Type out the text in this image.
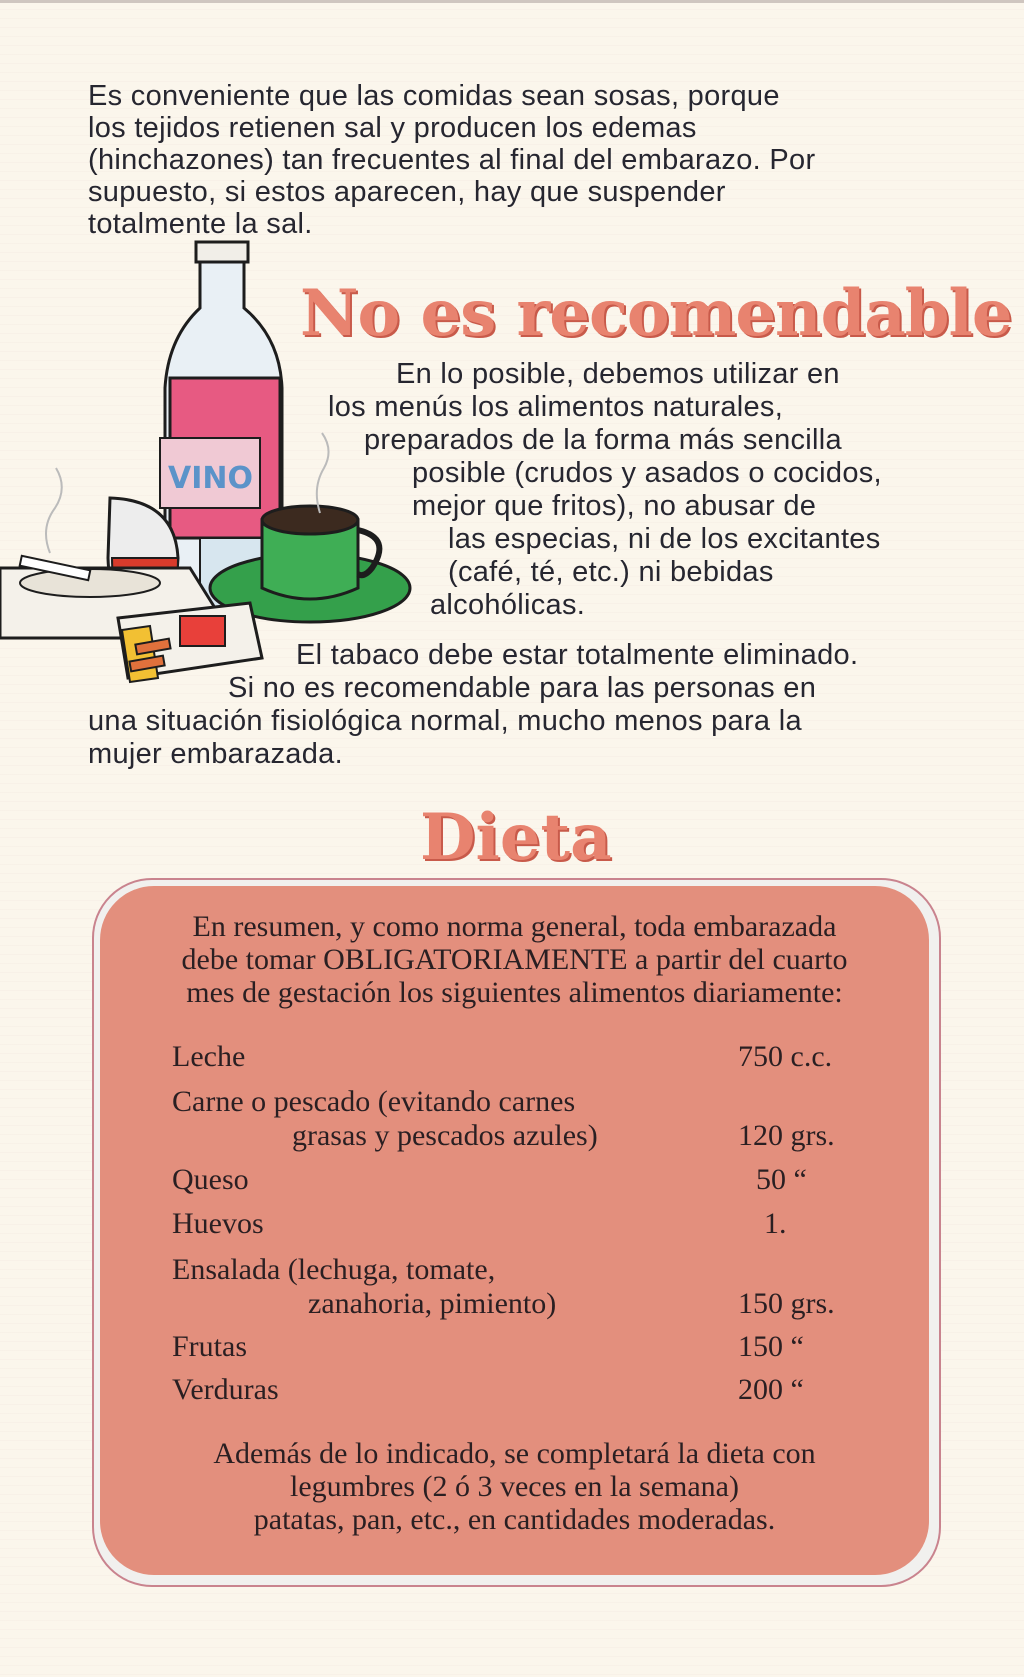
Es conveniente que las comidas sean sosas, porque
los tejidos retienen sal y producen los edemas
(hinchazones) tan frecuentes al final del embarazo. Por
supuesto, si estos aparecen, hay que suspender
totalmente la sal.
VINO
No es recomendable
En lo posible, debemos utilizar en
los menús los alimentos naturales,
preparados de la forma más sencilla
posible (crudos y asados o cocidos,
mejor que fritos), no abusar de
las especias, ni de los excitantes
(café, té, etc.) ni bebidas
alcohólicas.
El tabaco debe estar totalmente eliminado.
Si no es recomendable para las personas en
una situación fisiológica normal, mucho menos para la
mujer embarazada.
Dieta
En resumen, y como norma general, toda embarazada
debe tomar OBLIGATORIAMENTE a partir del cuarto
mes de gestación los siguientes alimentos diariamente:
Leche	750 c.c.
Carne o pescado (evitando carnes
grasas y pescados azules)	120 grs.
Queso	50 “
Huevos	1.
Ensalada (lechuga, tomate,
zanahoria, pimiento)	150 grs.
Frutas	150 “
Verduras	200 “
Además de lo indicado, se completará la dieta con
legumbres (2 ó 3 veces en la semana)
patatas, pan, etc., en cantidades moderadas.
